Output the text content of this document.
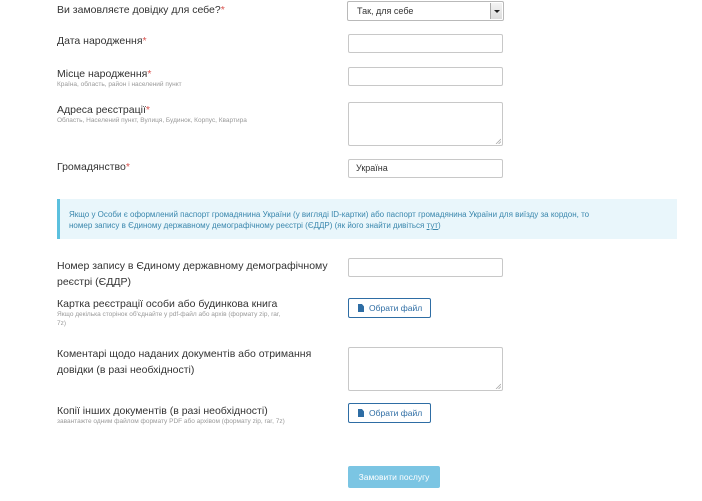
Ви замовляєте довідку для себе?*	Так, для себе
Дата народження*
Місце народження*
Країна, область, район і населений пункт
Адреса реєстрації*
Область, Населений пункт, Вулиця, Будинок, Корпус, Квартира
Громадянство*	Україна
Якщо у Особи є оформлений паспорт громадянина України (у вигляді ID-картки) або паспорт громадянина України для виїзду за кордон, то
номер запису в Єдиному державному демографічному реєстрі (ЄДДР) (як його знайти дивіться тут)
Номер запису в Єдиному державному демографічному
реєстрі (ЄДДР)
Картка реєстрації особи або будинкова книга
Якщо декілька сторінок об'єднайте у pdf-файл або архів (формату zip, rar,
7z)
Обрати файл
Коментарі щодо наданих документів або отримання
довідки (в разі необхідності)
Копії інших документів (в разі необхідності)
завантажте одним файлом формату PDF або архівом (формату zip, rar, 7z)
Обрати файл
Замовити послугу
